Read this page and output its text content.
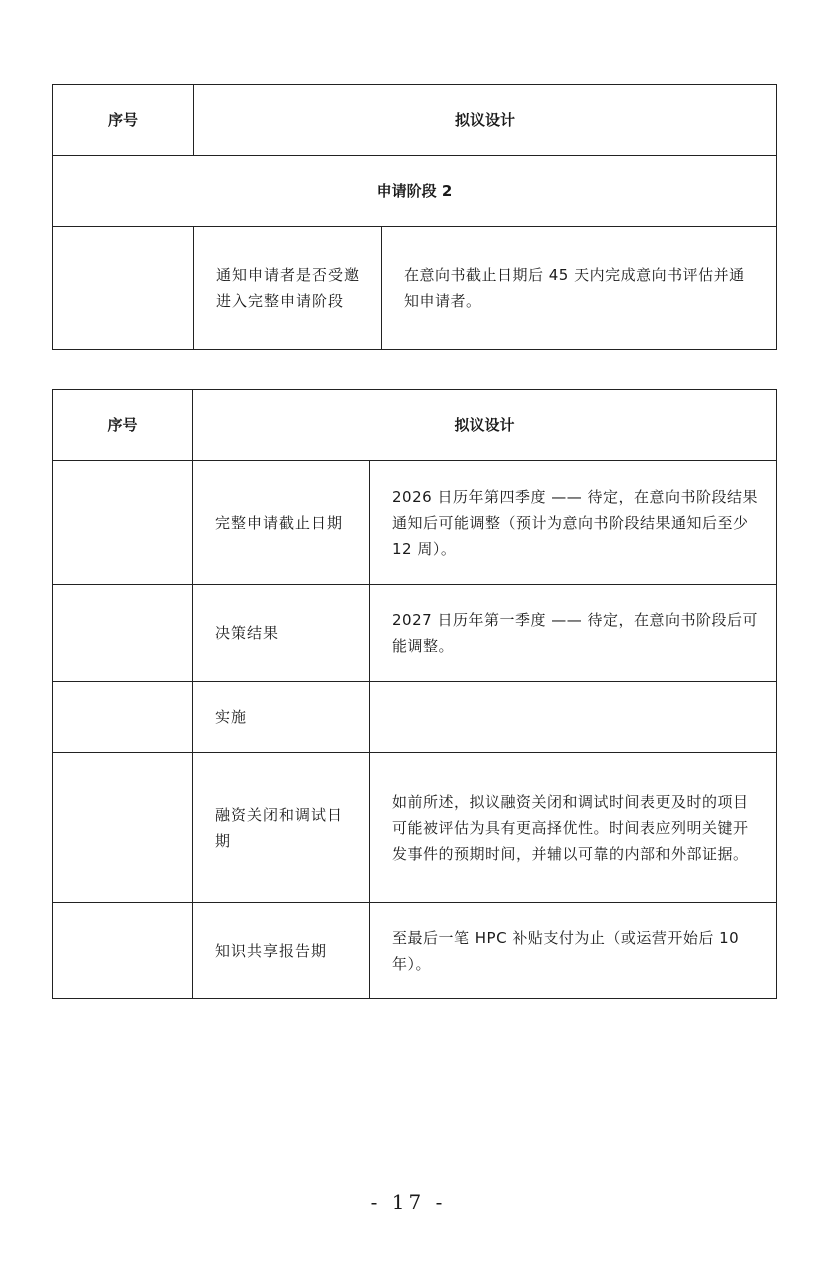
序号	拟议设计	
申请阶段 2		
	通知申请者是否受邀进入完整申请阶段	在意向书截止日期后 45 天内完成意向书评估并通知申请者。
序号	拟议设计	
	完整申请截止日期	2026 日历年第四季度 —— 待定，在意向书阶段结果通知后可能调整（预计为意向书阶段结果通知后至少 12 周）。
	决策结果	2027 日历年第一季度 —— 待定，在意向书阶段后可能调整。
	实施	
	融资关闭和调试日期	如前所述，拟议融资关闭和调试时间表更及时的项目可能被评估为具有更高择优性。时间表应列明关键开发事件的预期时间，并辅以可靠的内部和外部证据。
	知识共享报告期	至最后一笔 HPC 补贴支付为止（或运营开始后 10 年）。
- 17 -
